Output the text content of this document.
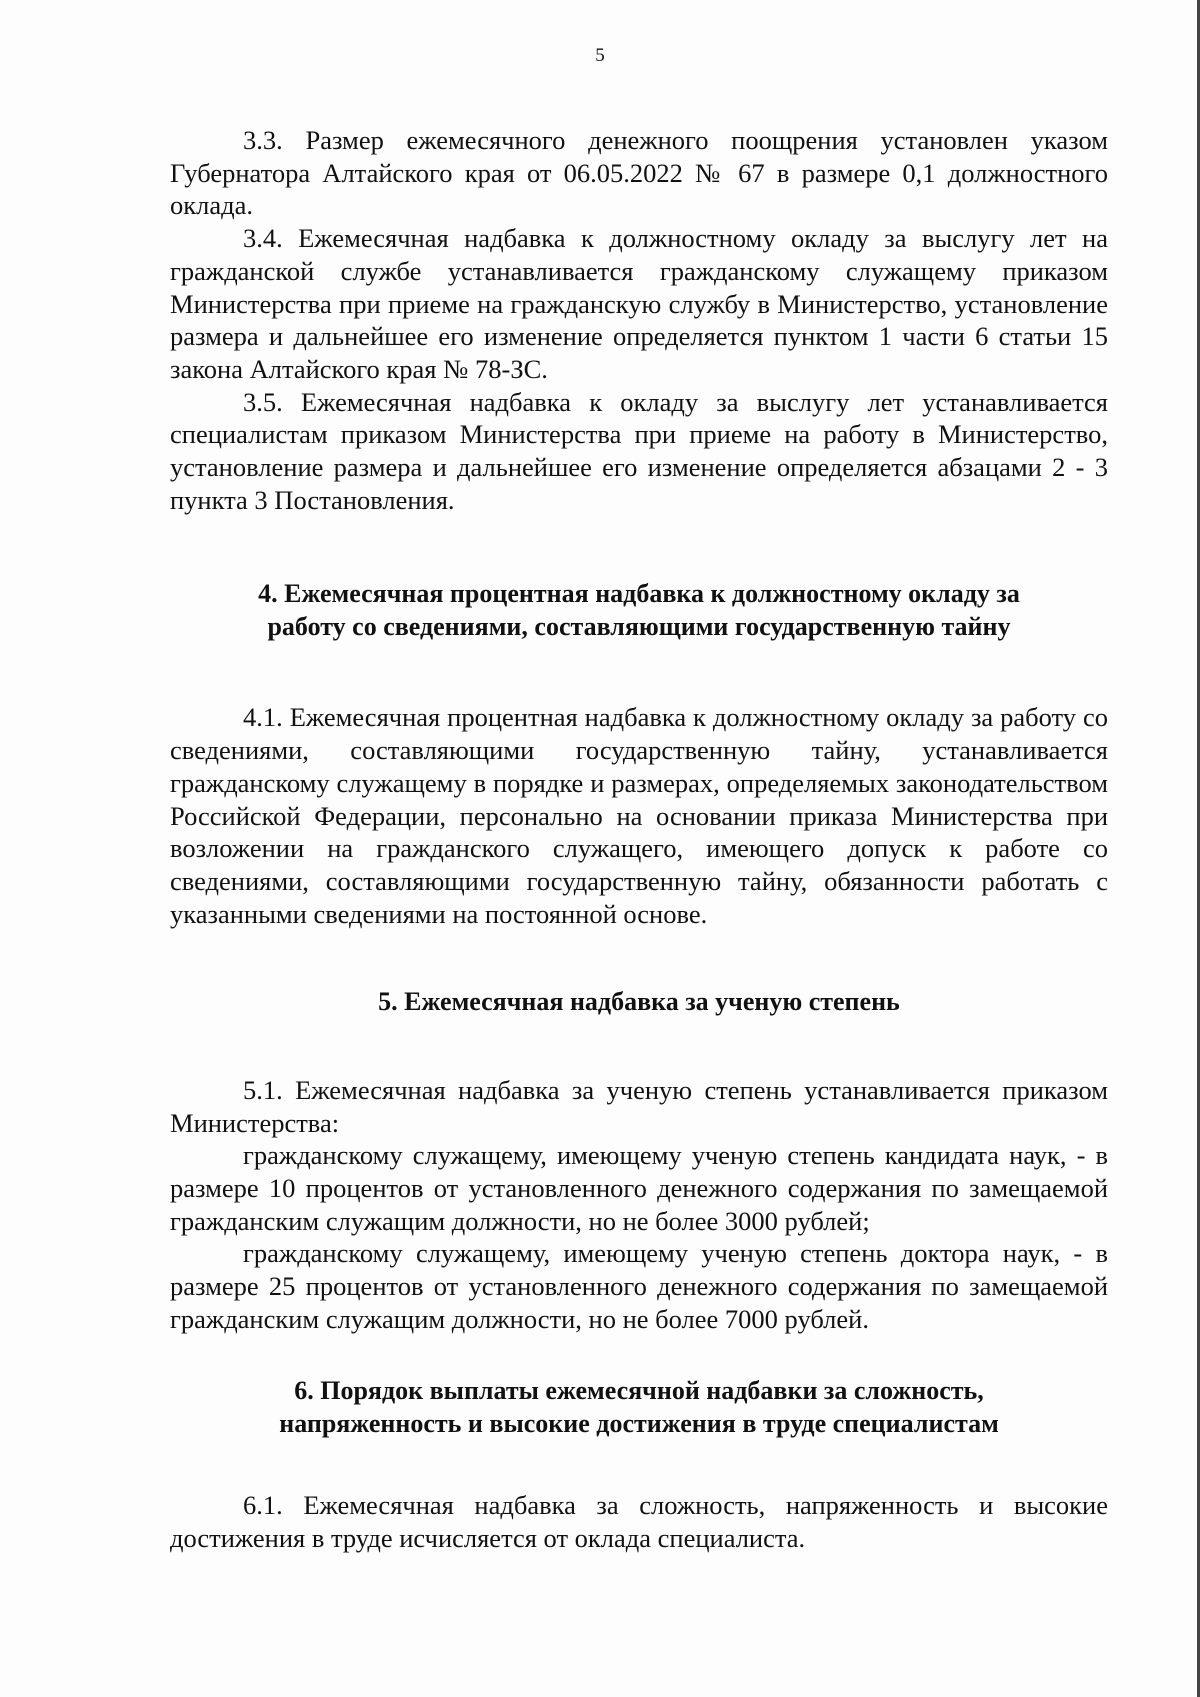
5

3.3. Размер ежемесячного денежного поощрения установлен указом Губернатора Алтайского края от 06.05.2022 № 67 в размере 0,1 должностного оклада.

3.4. Ежемесячная надбавка к должностному окладу за выслугу лет на гражданской службе устанавливается гражданскому служащему приказом Министерства при приеме на гражданскую службу в Министерство, установление размера и дальнейшее его изменение определяется пунктом 1 части 6 статьи 15 закона Алтайского края № 78-ЗС.

3.5. Ежемесячная надбавка к окладу за выслугу лет устанавливается специалистам приказом Министерства при приеме на работу в Министерство, установление размера и дальнейшее его изменение определяется абзацами 2 - 3 пункта 3 Постановления.

4. Ежемесячная процентная надбавка к должностному окладу за
работу со сведениями, составляющими государственную тайну

4.1. Ежемесячная процентная надбавка к должностному окладу за работу со сведениями, составляющими государственную тайну, устанавливается гражданскому служащему в порядке и размерах, определяемых законодательством Российской Федерации, персонально на основании приказа Министерства при возложении на гражданского служащего, имеющего допуск к работе со сведениями, составляющими государственную тайну, обязанности работать с указанными сведениями на постоянной основе.

5. Ежемесячная надбавка за ученую степень

5.1. Ежемесячная надбавка за ученую степень устанавливается приказом Министерства:

гражданскому служащему, имеющему ученую степень кандидата наук, - в размере 10 процентов от установленного денежного содержания по замещаемой гражданским служащим должности, но не более 3000 рублей;

гражданскому служащему, имеющему ученую степень доктора наук, - в размере 25 процентов от установленного денежного содержания по замещаемой гражданским служащим должности, но не более 7000 рублей.

6. Порядок выплаты ежемесячной надбавки за сложность,
напряженность и высокие достижения в труде специалистам

6.1. Ежемесячная надбавка за сложность, напряженность и высокие достижения в труде исчисляется от оклада специалиста.
